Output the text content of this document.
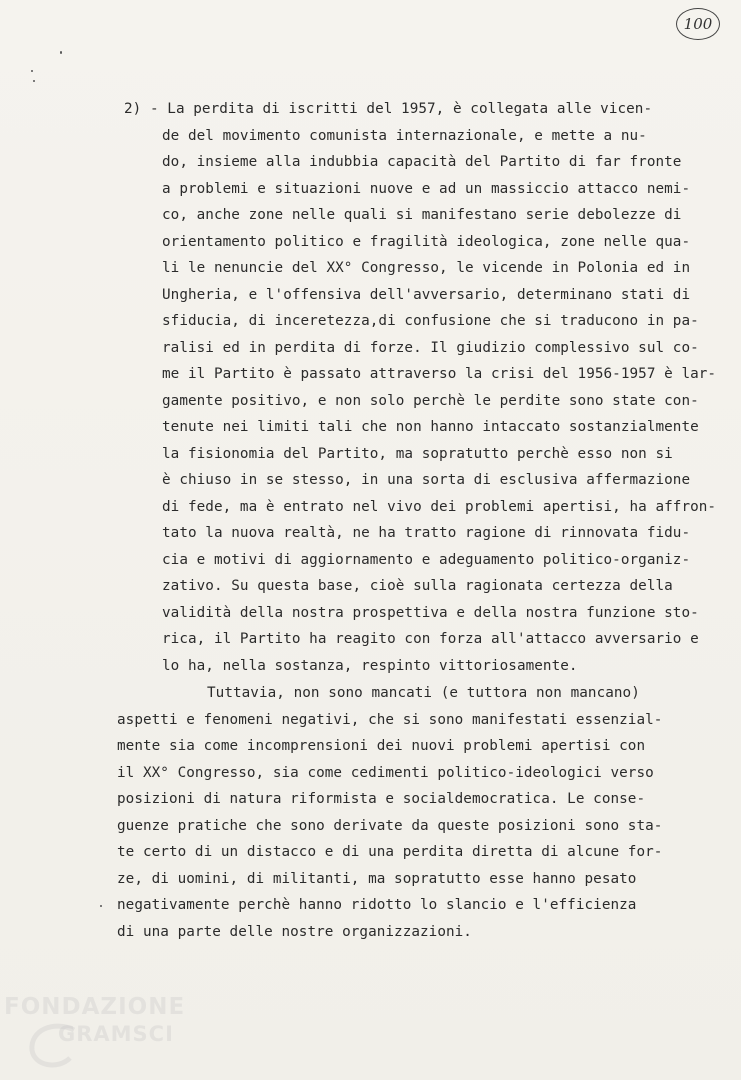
100
2) - La perdita di iscritti del 1957, è collegata alle vicen-
de del movimento comunista internazionale, e mette a nu-
do, insieme alla indubbia capacità del Partito di far fronte
a problemi e situazioni nuove e ad un massiccio attacco nemi-
co, anche zone nelle quali si manifestano serie debolezze di
orientamento politico e fragilità ideologica, zone nelle qua-
li le nenuncie del XX° Congresso, le vicende in Polonia ed in
Ungheria, e l'offensiva dell'avversario, determinano stati di
sfiducia, di inceretezza,di confusione che si traducono in pa-
ralisi ed in perdita di forze. Il giudizio complessivo sul co-
me il Partito è passato attraverso la crisi del 1956-1957 è lar-
gamente positivo, e non solo perchè le perdite sono state con-
tenute nei limiti tali che non hanno intaccato sostanzialmente
la fisionomia del Partito, ma sopratutto perchè esso non si
è chiuso in se stesso, in una sorta di esclusiva affermazione
di fede, ma è entrato nel vivo dei problemi apertisi, ha affron-
tato la nuova realtà, ne ha tratto ragione di rinnovata fidu-
cia e motivi di aggiornamento e adeguamento politico-organiz-
zativo. Su questa base, cioè sulla ragionata certezza della
validità della nostra prospettiva e della nostra funzione sto-
rica, il Partito ha reagito con forza all'attacco avversario e
lo ha, nella sostanza, respinto vittoriosamente.
Tuttavia, non sono mancati (e tuttora non mancano)
aspetti e fenomeni negativi, che si sono manifestati essenzial-
mente sia come incomprensioni dei nuovi problemi apertisi con
il XX° Congresso, sia come cedimenti politico-ideologici verso
posizioni di natura riformista e socialdemocratica. Le conse-
guenze pratiche che sono derivate da queste posizioni sono sta-
te certo di un distacco e di una perdita diretta di alcune for-
ze, di uomini, di militanti, ma sopratutto esse hanno pesato
negativamente perchè hanno ridotto lo slancio e l'efficienza
di una parte delle nostre organizzazioni.
FONDAZIONE
GRAMSCI
